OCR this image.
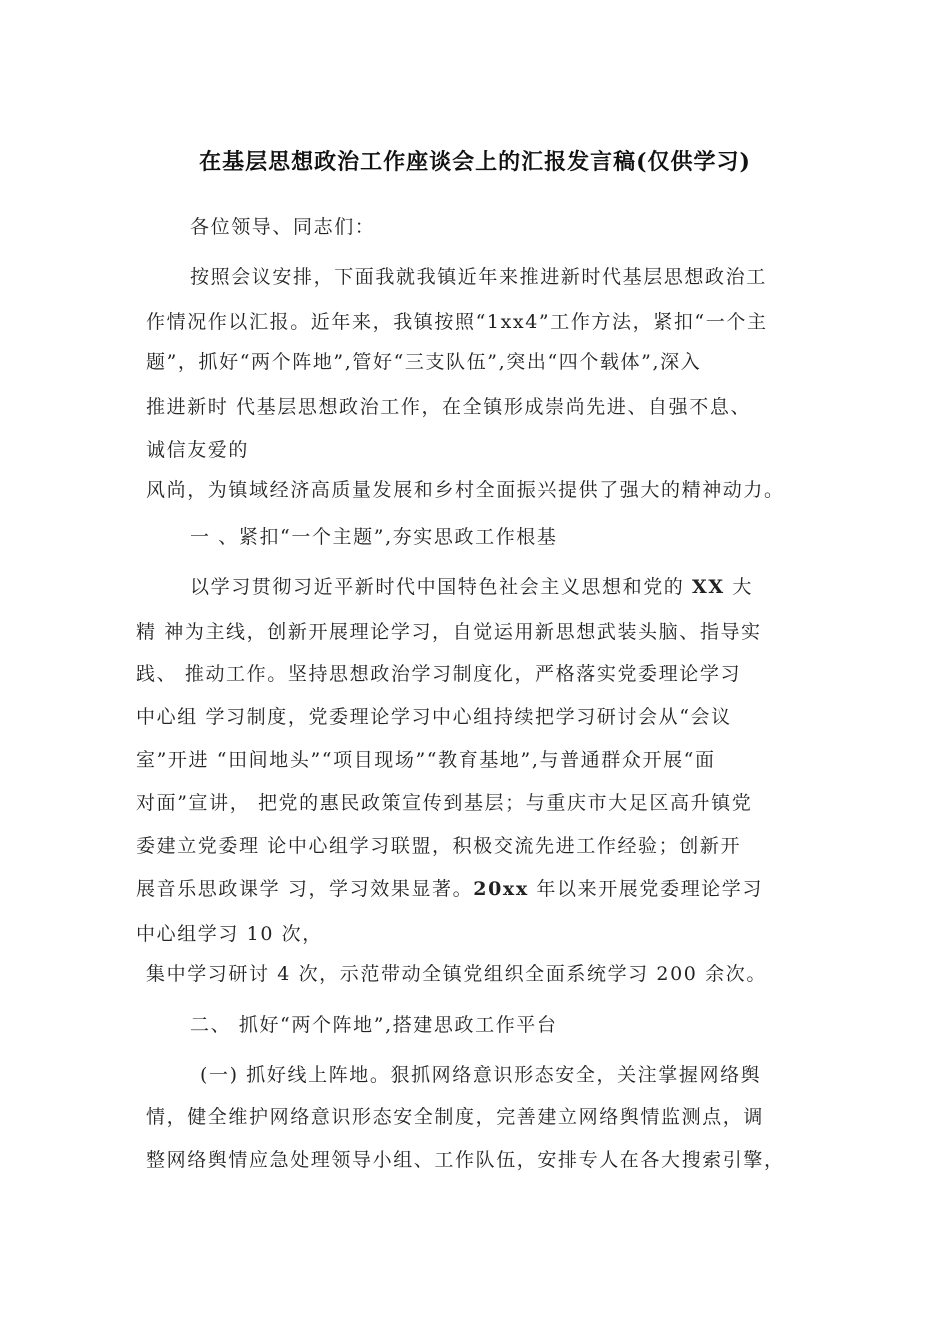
在基层思想政治工作座谈会上的汇报发言稿(仅供学习)
各位领导、同志们：
按照会议安排，下面我就我镇近年来推进新时代基层思想政治工
作情况作以汇报。近年来，我镇按照“1xx4”工作方法，紧扣“一个主
题”，抓好“两个阵地”,管好“三支队伍”,突出“四个载体”,深入
推进新时 代基层思想政治工作，在全镇形成崇尚先进、自强不息、
诚信友爱的
风尚，为镇域经济高质量发展和乡村全面振兴提供了强大的精神动力。
一 、紧扣“一个主题”,夯实思政工作根基
以学习贯彻习近平新时代中国特色社会主义思想和党的 XX 大
精 神为主线，创新开展理论学习，自觉运用新思想武装头脑、指导实
践、 推动工作。坚持思想政治学习制度化，严格落实党委理论学习
中心组 学习制度，党委理论学习中心组持续把学习研讨会从“会议
室”开进 “田间地头”“项目现场”“教育基地”,与普通群众开展“面
对面”宣讲， 把党的惠民政策宣传到基层；与重庆市大足区高升镇党
委建立党委理 论中心组学习联盟，积极交流先进工作经验；创新开
展音乐思政课学 习，学习效果显著。20xx 年以来开展党委理论学习
中心组学习 10 次，
集中学习研讨 4 次，示范带动全镇党组织全面系统学习 200 余次。
二、 抓好“两个阵地”,搭建思政工作平台
(一) 抓好线上阵地。狠抓网络意识形态安全，关注掌握网络舆
情，健全维护网络意识形态安全制度，完善建立网络舆情监测点，调
整网络舆情应急处理领导小组、工作队伍，安排专人在各大搜索引擎，
